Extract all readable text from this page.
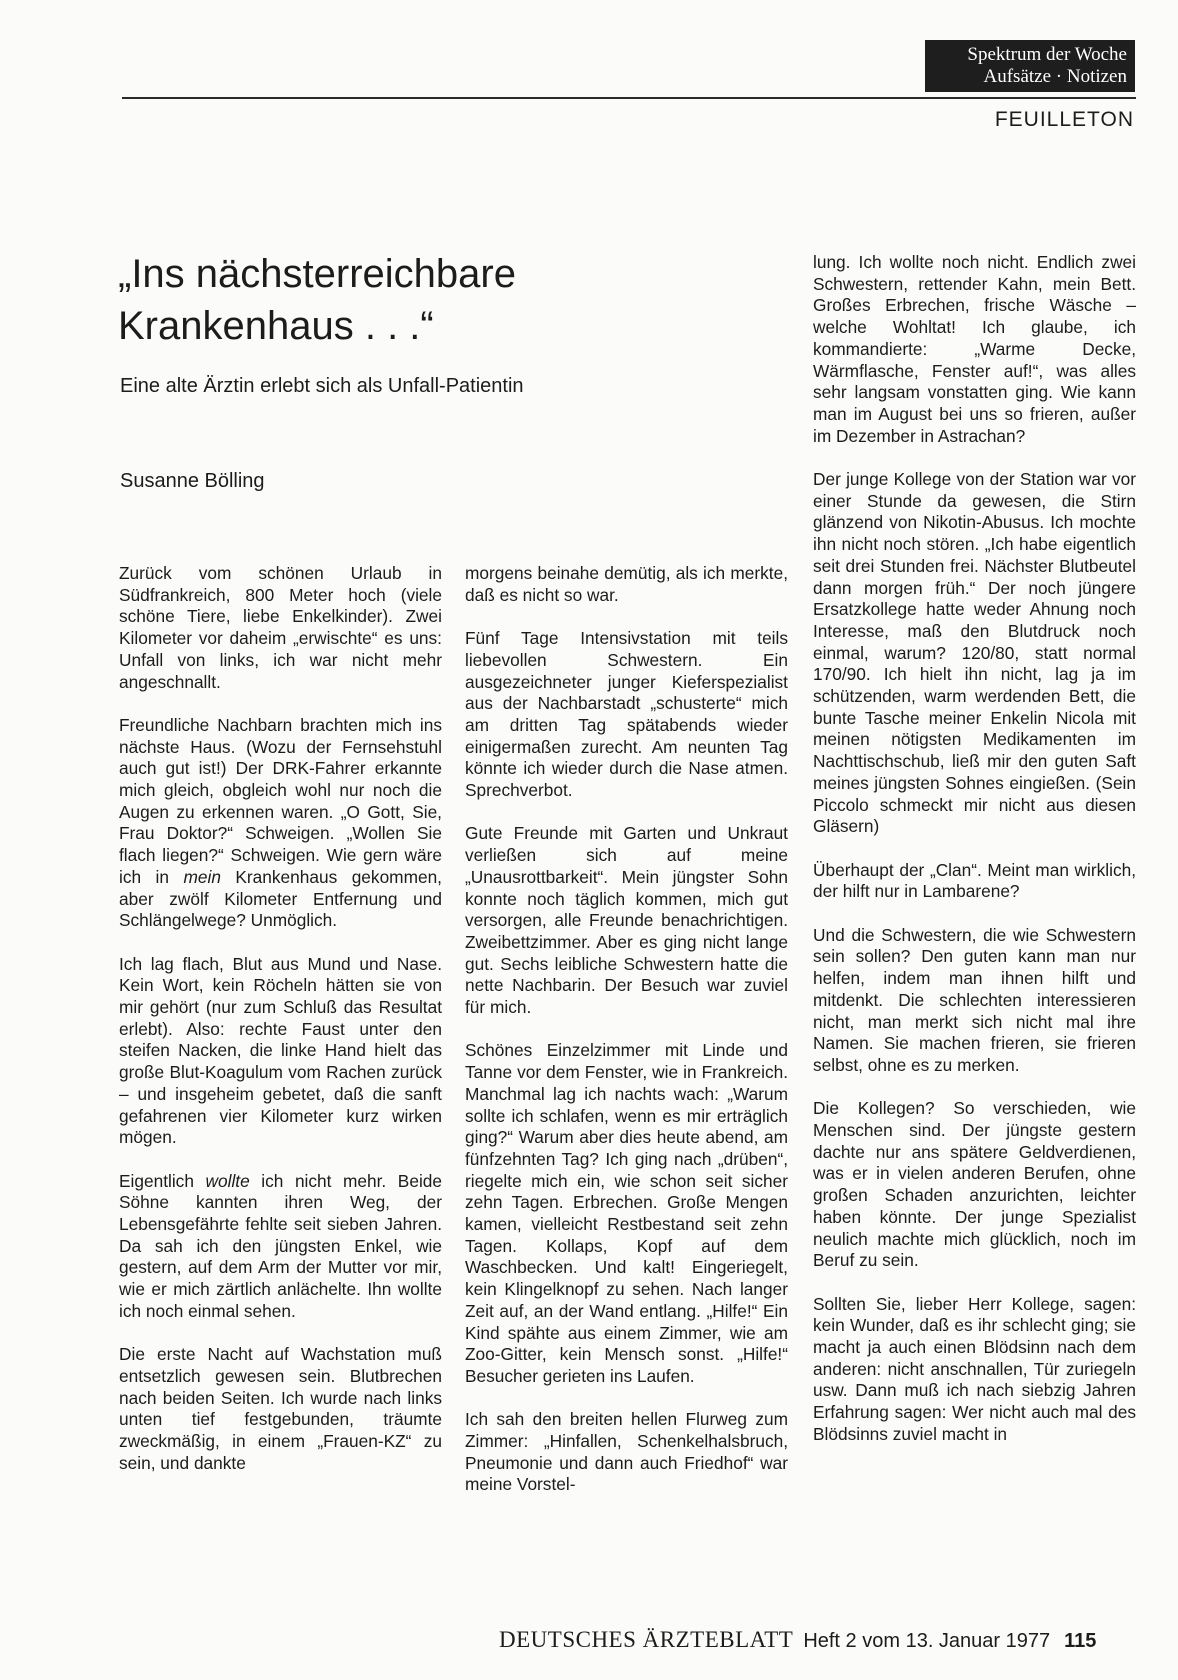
Spektrum der Woche
Aufsätze · Notizen
FEUILLETON
„Ins nächsterreichbare
Krankenhaus . . .“
Eine alte Ärztin erlebt sich als Unfall-Patientin
Susanne Bölling

Zurück vom schönen Urlaub in Südfrankreich, 800 Meter hoch (viele schöne Tiere, liebe Enkelkinder). Zwei Kilometer vor daheim „erwischte“ es uns: Unfall von links, ich war nicht mehr angeschnallt.

Freundliche Nachbarn brachten mich ins nächste Haus. (Wozu der Fernsehstuhl auch gut ist!) Der DRK-Fahrer erkannte mich gleich, obgleich wohl nur noch die Augen zu erkennen waren. „O Gott, Sie, Frau Doktor?“ Schweigen. „Wollen Sie flach liegen?“ Schweigen. Wie gern wäre ich in mein Krankenhaus gekommen, aber zwölf Kilometer Entfernung und Schlängelwege? Unmöglich.

Ich lag flach, Blut aus Mund und Nase. Kein Wort, kein Röcheln hätten sie von mir gehört (nur zum Schluß das Resultat erlebt). Also: rechte Faust unter den steifen Nacken, die linke Hand hielt das große Blut-Koagulum vom Rachen zurück – und insgeheim gebetet, daß die sanft gefahrenen vier Kilometer kurz wirken mögen.

Eigentlich wollte ich nicht mehr. Beide Söhne kannten ihren Weg, der Lebensgefährte fehlte seit sieben Jahren. Da sah ich den jüngsten Enkel, wie gestern, auf dem Arm der Mutter vor mir, wie er mich zärtlich anlächelte. Ihn wollte ich noch einmal sehen.

Die erste Nacht auf Wachstation muß entsetzlich gewesen sein. Blutbrechen nach beiden Seiten. Ich wurde nach links unten tief festgebunden, träumte zweckmäßig, in einem „Frauen-KZ“ zu sein, und dankte

morgens beinahe demütig, als ich merkte, daß es nicht so war.

Fünf Tage Intensivstation mit teils liebevollen Schwestern. Ein ausgezeichneter junger Kieferspezialist aus der Nachbarstadt „schusterte“ mich am dritten Tag spätabends wieder einigermaßen zurecht. Am neunten Tag könnte ich wieder durch die Nase atmen. Sprechverbot.

Gute Freunde mit Garten und Unkraut verließen sich auf meine „Unausrottbarkeit“. Mein jüngster Sohn konnte noch täglich kommen, mich gut versorgen, alle Freunde benachrichtigen. Zweibettzimmer. Aber es ging nicht lange gut. Sechs leibliche Schwestern hatte die nette Nachbarin. Der Besuch war zuviel für mich.

Schönes Einzelzimmer mit Linde und Tanne vor dem Fenster, wie in Frankreich. Manchmal lag ich nachts wach: „Warum sollte ich schlafen, wenn es mir erträglich ging?“ Warum aber dies heute abend, am fünfzehnten Tag? Ich ging nach „drüben“, riegelte mich ein, wie schon seit sicher zehn Tagen. Erbrechen. Große Mengen kamen, vielleicht Restbestand seit zehn Tagen. Kollaps, Kopf auf dem Waschbecken. Und kalt! Eingeriegelt, kein Klingelknopf zu sehen. Nach langer Zeit auf, an der Wand entlang. „Hilfe!“ Ein Kind spähte aus einem Zimmer, wie am Zoo-Gitter, kein Mensch sonst. „Hilfe!“ Besucher gerieten ins Laufen.

Ich sah den breiten hellen Flurweg zum Zimmer: „Hinfallen, Schenkelhalsbruch, Pneumonie und dann auch Friedhof“ war meine Vorstel-

lung. Ich wollte noch nicht. Endlich zwei Schwestern, rettender Kahn, mein Bett. Großes Erbrechen, frische Wäsche – welche Wohltat! Ich glaube, ich kommandierte: „Warme Decke, Wärmflasche, Fenster auf!“, was alles sehr langsam vonstatten ging. Wie kann man im August bei uns so frieren, außer im Dezember in Astrachan?

Der junge Kollege von der Station war vor einer Stunde da gewesen, die Stirn glänzend von Nikotin-Abusus. Ich mochte ihn nicht noch stören. „Ich habe eigentlich seit drei Stunden frei. Nächster Blutbeutel dann morgen früh.“ Der noch jüngere Ersatzkollege hatte weder Ahnung noch Interesse, maß den Blutdruck noch einmal, warum? 120/80, statt normal 170/90. Ich hielt ihn nicht, lag ja im schützenden, warm werdenden Bett, die bunte Tasche meiner Enkelin Nicola mit meinen nötigsten Medikamenten im Nachttischschub, ließ mir den guten Saft meines jüngsten Sohnes eingießen. (Sein Piccolo schmeckt mir nicht aus diesen Gläsern)

Überhaupt der „Clan“. Meint man wirklich, der hilft nur in Lambarene?

Und die Schwestern, die wie Schwestern sein sollen? Den guten kann man nur helfen, indem man ihnen hilft und mitdenkt. Die schlechten interessieren nicht, man merkt sich nicht mal ihre Namen. Sie machen frieren, sie frieren selbst, ohne es zu merken.

Die Kollegen? So verschieden, wie Menschen sind. Der jüngste gestern dachte nur ans spätere Geldverdienen, was er in vielen anderen Berufen, ohne großen Schaden anzurichten, leichter haben könnte. Der junge Spezialist neulich machte mich glücklich, noch im Beruf zu sein.

Sollten Sie, lieber Herr Kollege, sagen: kein Wunder, daß es ihr schlecht ging; sie macht ja auch einen Blödsinn nach dem anderen: nicht anschnallen, Tür zuriegeln usw. Dann muß ich nach siebzig Jahren Erfahrung sagen: Wer nicht auch mal des Blödsinns zuviel macht in

DEUTSCHES ÄRZTEBLATT Heft 2 vom 13. Januar 1977 115
